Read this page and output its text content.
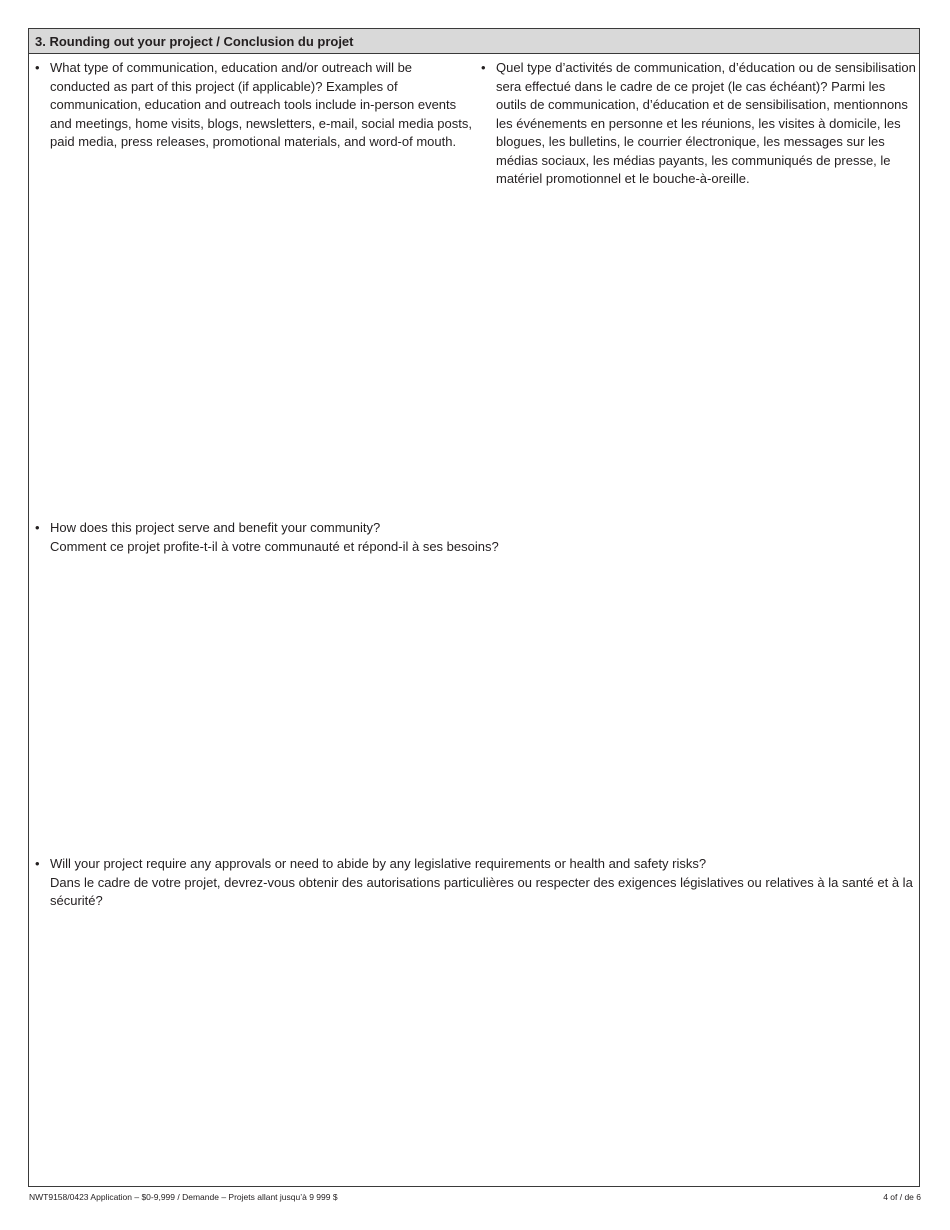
3. Rounding out your project / Conclusion du projet
• What type of communication, education and/or outreach will be conducted as part of this project (if applicable)? Examples of communication, education and outreach tools include in-person events and meetings, home visits, blogs, newsletters, e-mail, social media posts, paid media, press releases, promotional materials, and word-of mouth.
• Quel type d’activités de communication, d’éducation ou de sensibilisation sera effectué dans le cadre de ce projet (le cas échéant)? Parmi les outils de communication, d’éducation et de sensibilisation, mentionnons les événements en personne et les réunions, les visites à domicile, les blogues, les bulletins, le courrier électronique, les messages sur les médias sociaux, les médias payants, les communiqués de presse, le matériel promotionnel et le bouche-à-oreille.
• How does this project serve and benefit your community?
Comment ce projet profite-t-il à votre communauté et répond-il à ses besoins?
• Will your project require any approvals or need to abide by any legislative requirements or health and safety risks?
Dans le cadre de votre projet, devrez-vous obtenir des autorisations particulières ou respecter des exigences législatives ou relatives à la santé et à la sécurité?
NWT9158/0423 Application – $0-9,999 / Demande – Projets allant jusqu’à 9 999 $	4 of / de 6
